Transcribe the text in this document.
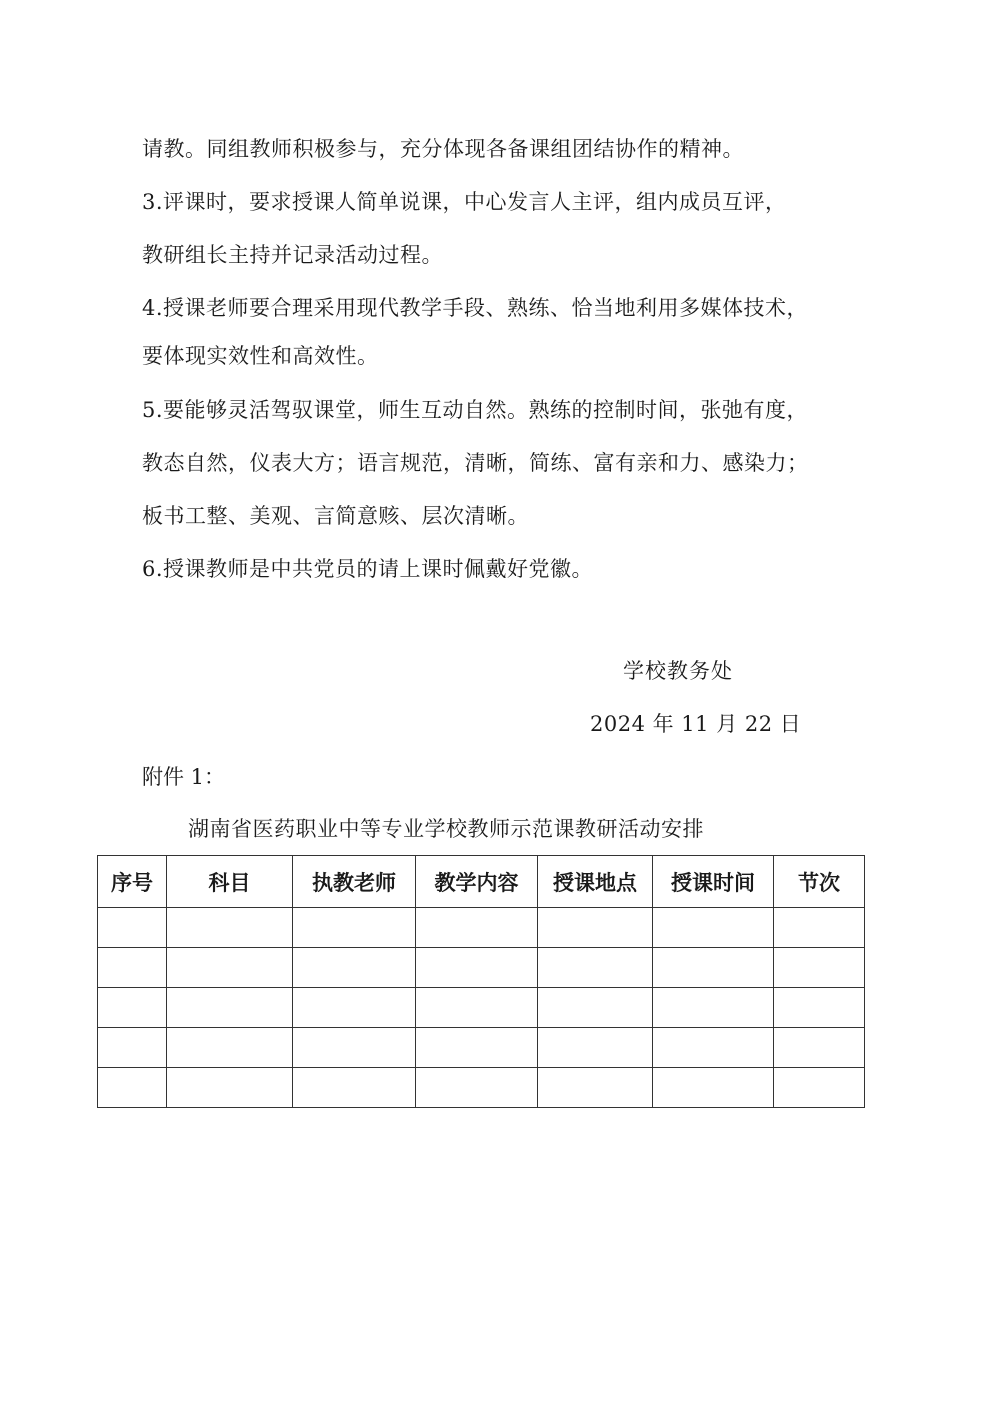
请教。同组教师积极参与，充分体现各备课组团结协作的精神。
3.评课时，要求授课人简单说课，中心发言人主评，组内成员互评，
教研组长主持并记录活动过程。
4.授课老师要合理采用现代教学手段、熟练、恰当地利用多媒体技术，
要体现实效性和高效性。
5.要能够灵活驾驭课堂，师生互动自然。熟练的控制时间，张弛有度，
教态自然，仪表大方；语言规范，清晰，简练、富有亲和力、感染力；
板书工整、美观、言简意赅、层次清晰。
6.授课教师是中共党员的请上课时佩戴好党徽。
学校教务处
2024 年 11 月 22 日
附件 1：
湖南省医药职业中等专业学校教师示范课教研活动安排
序号	科目	执教老师	教学内容	授课地点	授课时间	节次
